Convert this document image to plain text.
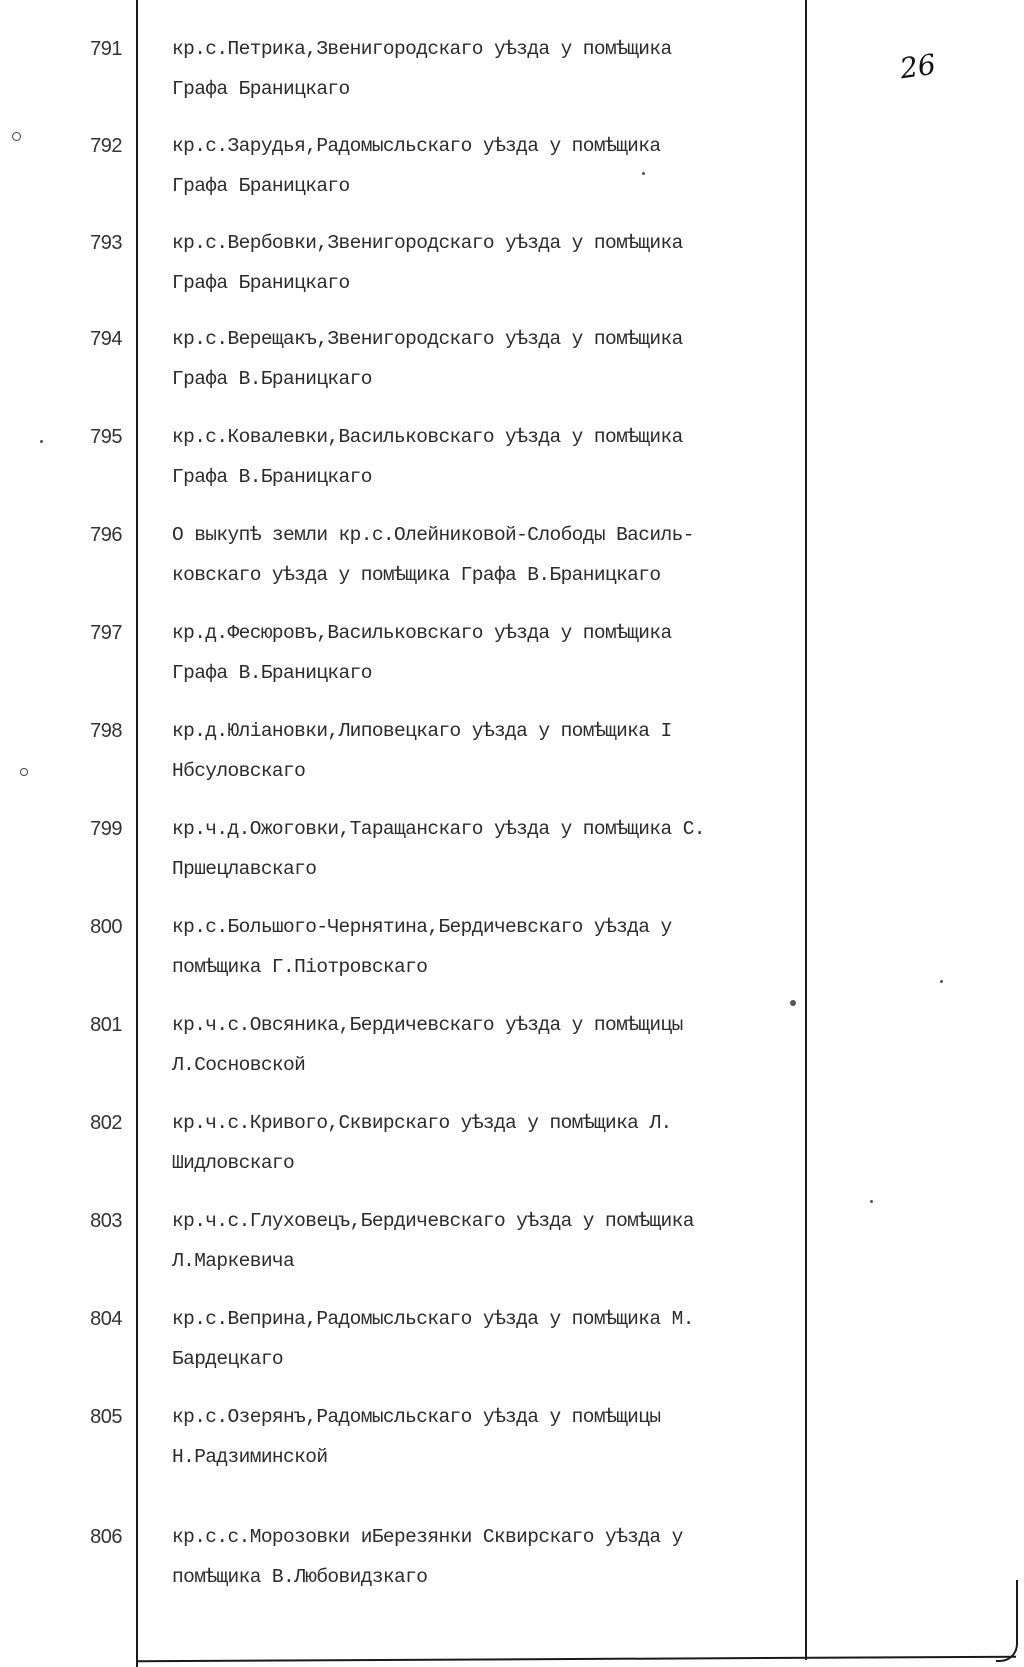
26
791	кр.с.Петрика,Звенигородскаго уѣзда у помѣщика
Графа Браницкаго
792	кр.с.Зарудья,Радомысльскаго уѣзда у помѣщика
Графа Браницкаго
793	кр.с.Вербовки,Звенигородскаго уѣзда у помѣщика
Графа Браницкаго
794	кр.с.Верещакъ,Звенигородскаго уѣзда у помѣщика
Графа В.Браницкаго
795	кр.с.Ковалевки,Васильковскаго уѣзда у помѣщика
Графа В.Браницкаго
796	О выкупѣ земли кр.с.Олейниковой-Слободы Василь-
ковскаго уѣзда у помѣщика Графа В.Браницкаго
797	кр.д.Фесюровъ,Васильковскаго уѣзда у помѣщика
Графа В.Браницкаго
798	кр.д.Юліановки,Липовецкаго уѣзда у помѣщика I
Нбсуловскаго
799	кр.ч.д.Ожоговки,Таращанскаго уѣзда у помѣщика С.
Пршецлавскаго
800	кр.с.Большого-Чернятина,Бердичевскаго уѣзда у
помѣщика Г.Піотровскаго
801	кр.ч.с.Овсяника,Бердичевскаго уѣзда у помѣщицы
Л.Сосновской
802	кр.ч.с.Кривого,Сквирскаго уѣзда у помѣщика Л.
Шидловскаго
803	кр.ч.с.Глуховецъ,Бердичевскаго уѣзда у помѣщика
Л.Маркевича
804	кр.с.Веприна,Радомысльскаго уѣзда у помѣщика М.
Бардецкаго
805	кр.с.Озерянъ,Радомысльскаго уѣзда у помѣщицы
Н.Радзиминской
806	кр.с.с.Морозовки иБерезянки Сквирскаго уѣзда у
помѣщика В.Любовидзкаго
